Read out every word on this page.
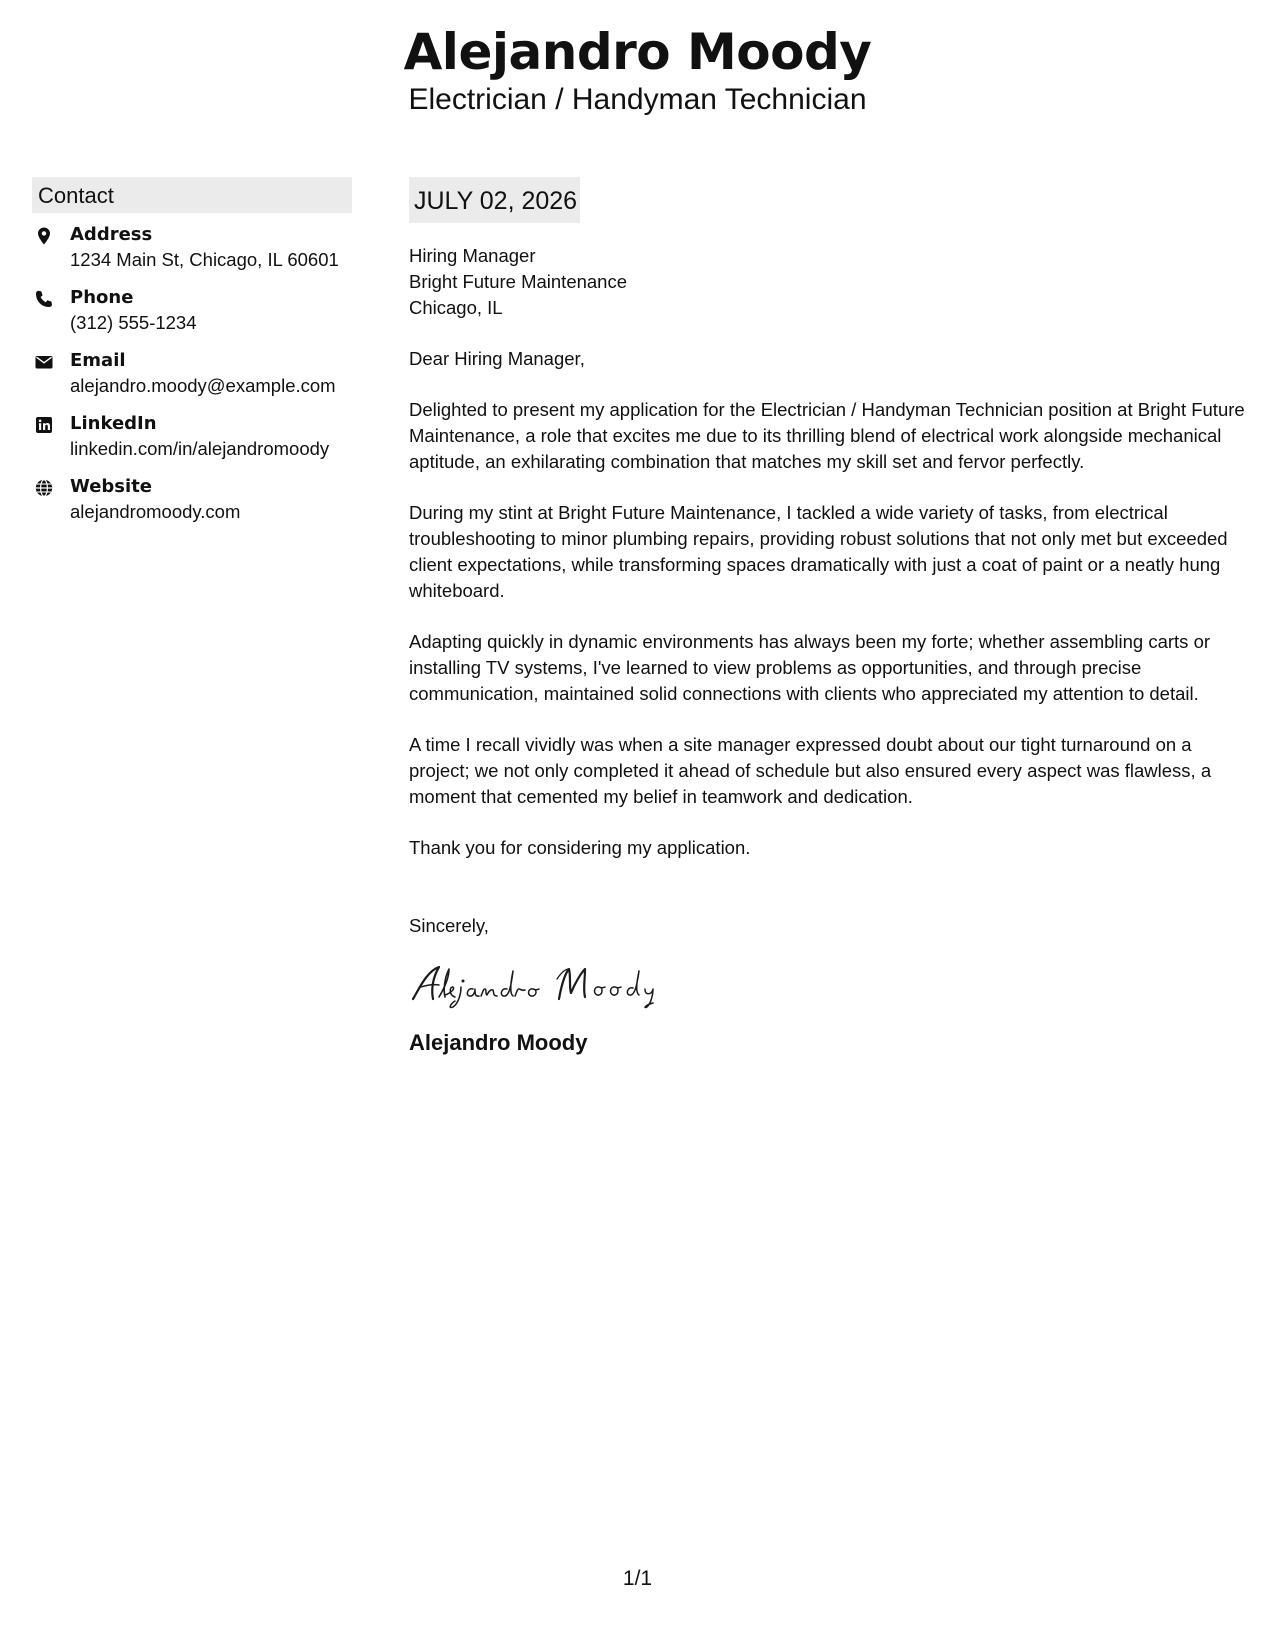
Alejandro Moody
Electrician / Handyman Technician
Contact
Address
1234 Main St, Chicago, IL 60601
Phone
(312) 555-1234
Email
alejandro.moody@example.com
LinkedIn
linkedin.com/in/alejandromoody
Website
alejandromoody.com
JULY 02, 2026
Hiring Manager
Bright Future Maintenance
Chicago, IL
Dear Hiring Manager,
Delighted to present my application for the Electrician / Handyman Technician position at Bright Future Maintenance, a role that excites me due to its thrilling blend of electrical work alongside mechanical aptitude, an exhilarating combination that matches my skill set and fervor perfectly.
During my stint at Bright Future Maintenance, I tackled a wide variety of tasks, from electrical troubleshooting to minor plumbing repairs, providing robust solutions that not only met but exceeded client expectations, while transforming spaces dramatically with just a coat of paint or a neatly hung whiteboard.
Adapting quickly in dynamic environments has always been my forte; whether assembling carts or installing TV systems, I've learned to view problems as opportunities, and through precise communication, maintained solid connections with clients who appreciated my attention to detail.
A time I recall vividly was when a site manager expressed doubt about our tight turnaround on a project; we not only completed it ahead of schedule but also ensured every aspect was flawless, a moment that cemented my belief in teamwork and dedication.
Thank you for considering my application.
Sincerely,
Alejandro Moody
1/1
